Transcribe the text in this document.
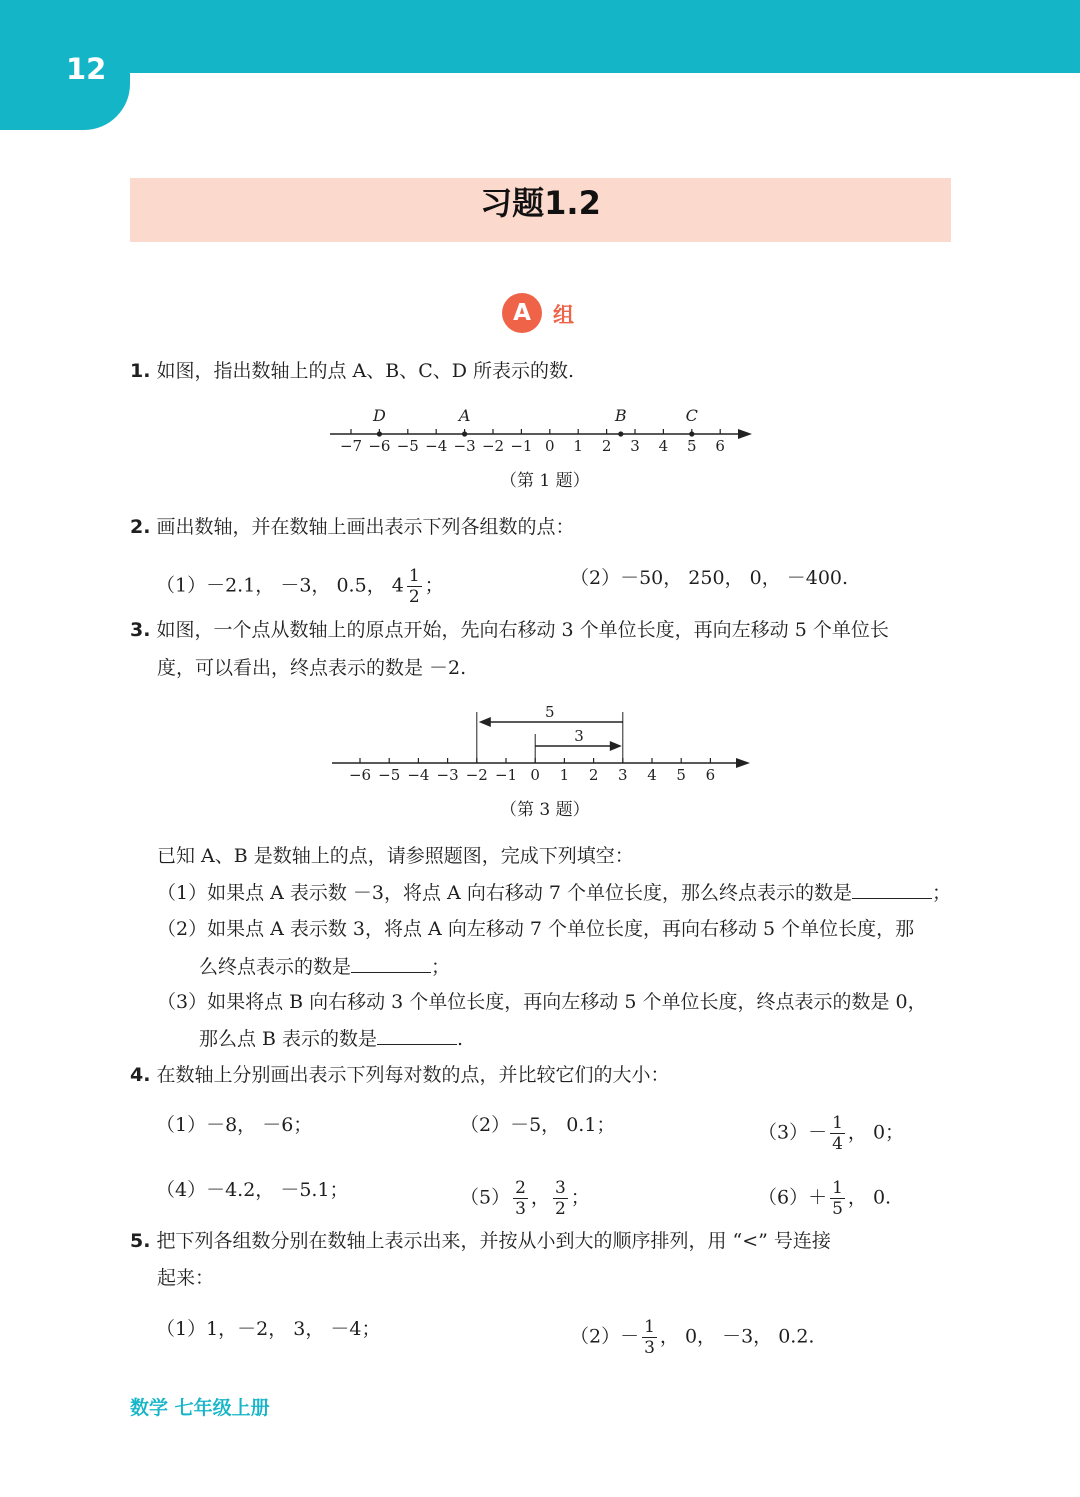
12
习题1.2
A	组
1. 如图，指出数轴上的点 A、B、C、D 所表示的数.
−7 −6 −5 −4 −3 −2 −1 0 1 2 3 4 5 6
D	A	B	C
（第 1 题）
2. 画出数轴，并在数轴上画出表示下列各组数的点：
（1）－2.1， －3， 0.5， $4 \frac{1}{2}$ ；	（2）－50， 250， 0， －400.
3. 如图，一个点从数轴上的原点开始，先向右移动 3 个单位长度，再向左移动 5 个单位长
度，可以看出，终点表示的数是 －2.
−6 −5 −4 −3 −2 −1 0 1 2 3 4 5 6
5
3
（第 3 题）
已知 A、B 是数轴上的点，请参照题图，完成下列填空：
（1）如果点 A 表示数 －3，将点 A 向右移动 7 个单位长度，那么终点表示的数是	；
（2）如果点 A 表示数 3，将点 A 向左移动 7 个单位长度，再向右移动 5 个单位长度，那
么终点表示的数是	；
（3）如果将点 B 向右移动 3 个单位长度，再向左移动 5 个单位长度，终点表示的数是 0，
那么点 B 表示的数是	.
4. 在数轴上分别画出表示下列每对数的点，并比较它们的大小：
（1）－8， －6；	（2）－5， 0.1；	$(3)- \frac{1}{4}$ ， 0；
（4）－4.2， －5.1；	$(5) \frac{2}{3}$ ， $\frac{3}{2}$ ；	$(6)+ \frac{1}{5}$ ， 0.
5. 把下列各组数分别在数轴上表示出来，并按从小到大的顺序排列，用 “<” 号连接
起来：
（1）1，－2， 3， －4；	$(2)- \frac{1}{3}$ ， 0， －3， 0.2.
数学 七年级上册
